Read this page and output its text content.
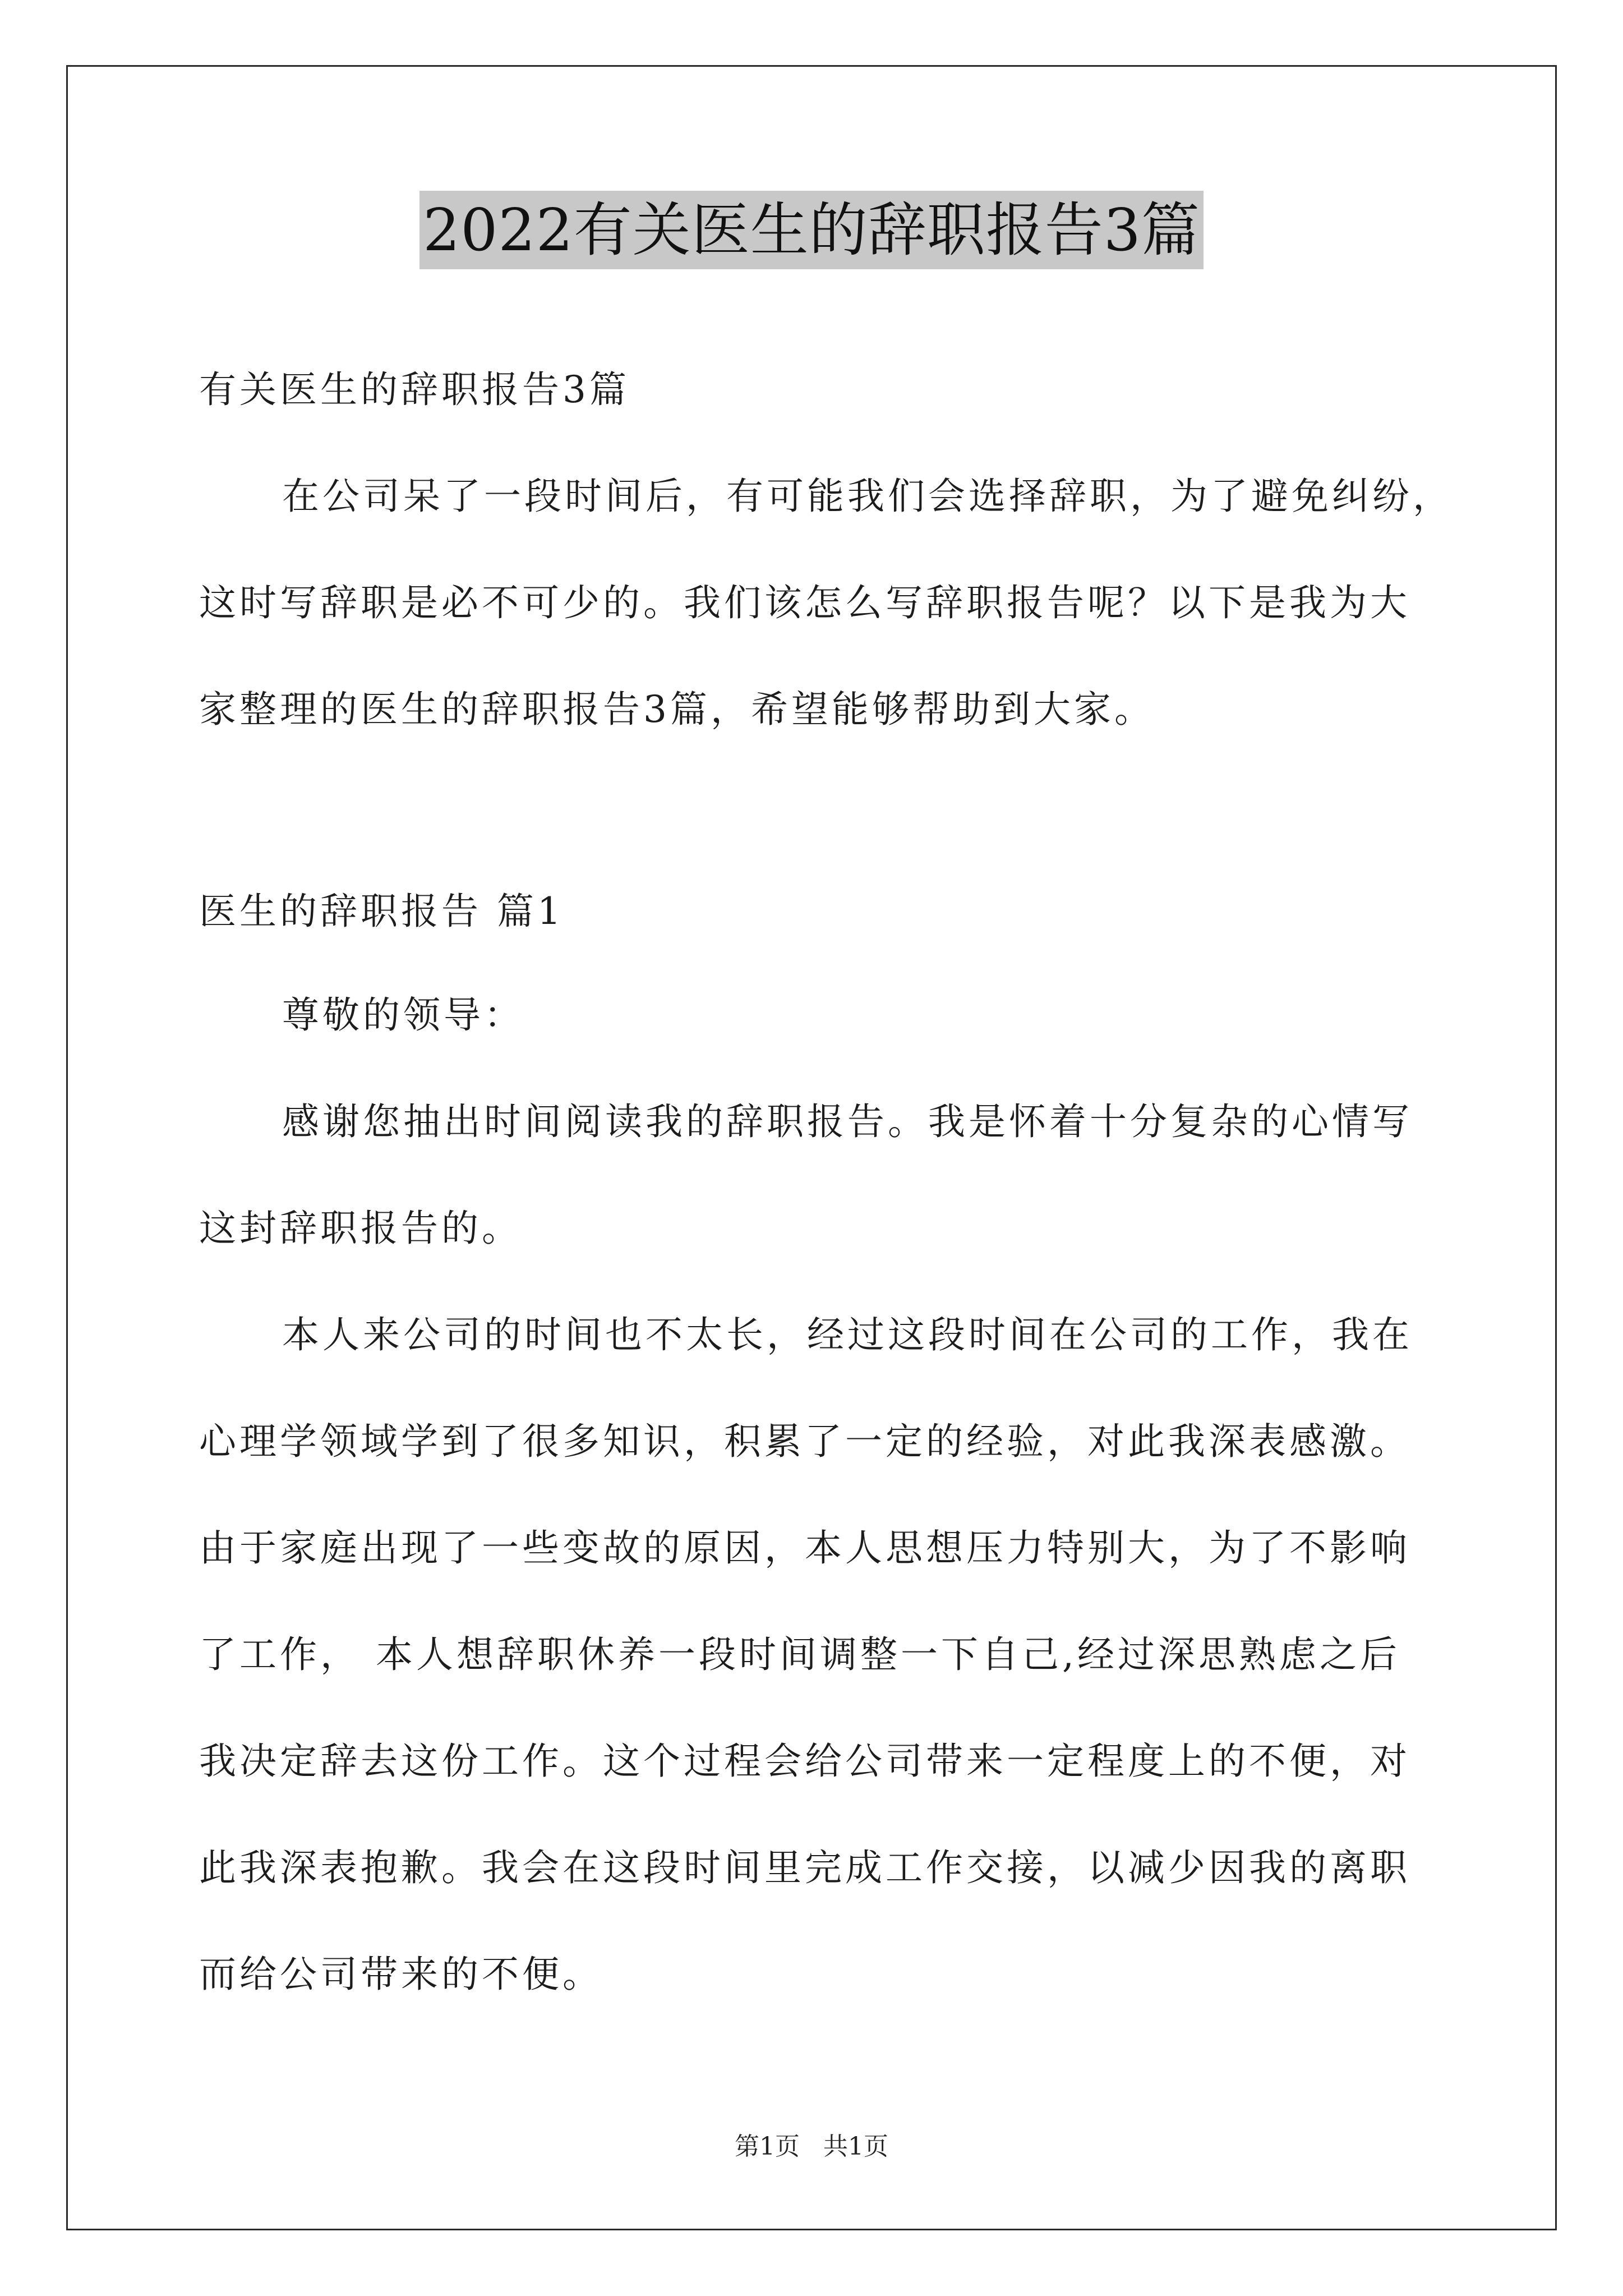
2022有关医生的辞职报告3篇
有关医生的辞职报告3篇
在公司呆了一段时间后，有可能我们会选择辞职，为了避免纠纷，
这时写辞职是必不可少的。我们该怎么写辞职报告呢？以下是我为大
家整理的医生的辞职报告3篇，希望能够帮助到大家。
医生的辞职报告 篇1
尊敬的领导：
感谢您抽出时间阅读我的辞职报告。我是怀着十分复杂的心情写
这封辞职报告的。
本人来公司的时间也不太长，经过这段时间在公司的工作，我在
心理学领域学到了很多知识，积累了一定的经验，对此我深表感激。
由于家庭出现了一些变故的原因，本人思想压力特别大，为了不影响
了工作， 本人想辞职休养一段时间调整一下自己,经过深思熟虑之后
我决定辞去这份工作。这个过程会给公司带来一定程度上的不便，对
此我深表抱歉。我会在这段时间里完成工作交接，以减少因我的离职
而给公司带来的不便。
第1页 共1页
